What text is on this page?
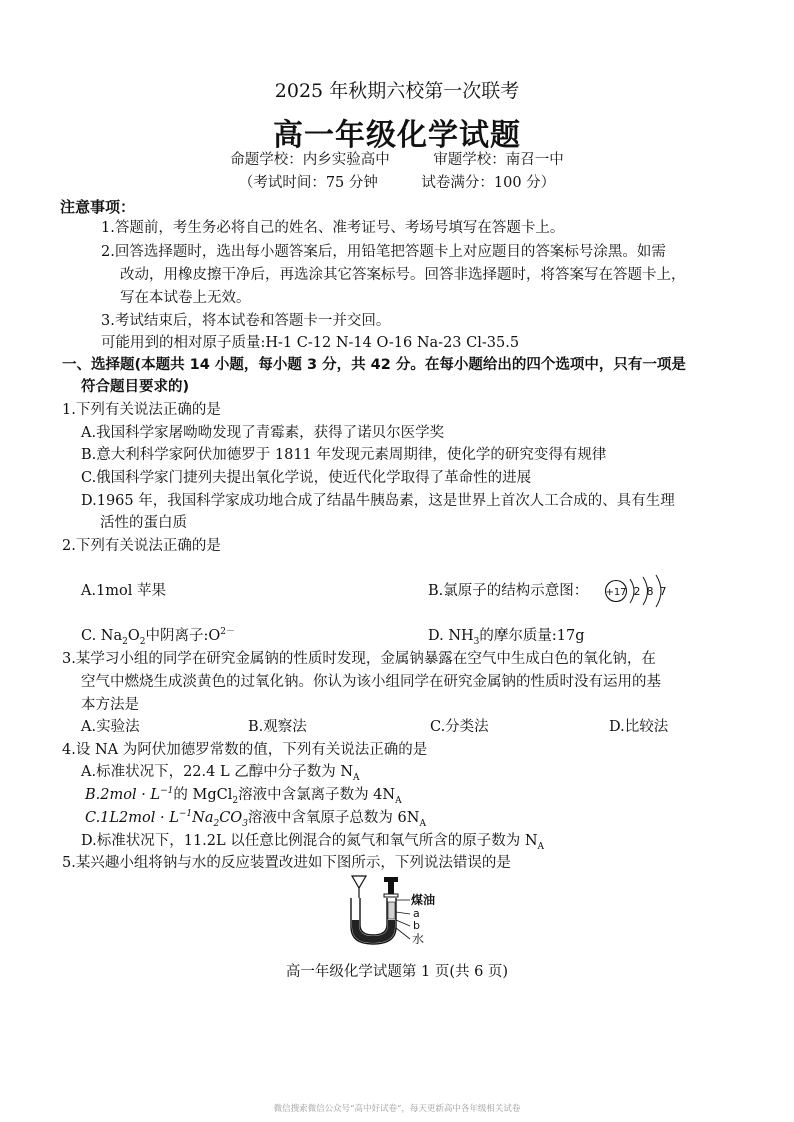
2025 年秋期六校第一次联考
高一年级化学试题
命题学校：内乡实验高中　　　审题学校：南召一中
（考试时间：75 分钟　　　试卷满分：100 分）
注意事项：
1.答题前，考生务必将自己的姓名、准考证号、考场号填写在答题卡上。
2.回答选择题时，选出每小题答案后，用铅笔把答题卡上对应题目的答案标号涂黑。如需
改动，用橡皮擦干净后，再选涂其它答案标号。回答非选择题时，将答案写在答题卡上，
写在本试卷上无效。
3.考试结束后，将本试卷和答题卡一并交回。
可能用到的相对原子质量:H-1 C-12 N-14 O-16 Na-23 Cl-35.5
一、选择题(本题共 14 小题，每小题 3 分，共 42 分。在每小题给出的四个选项中，只有一项是
符合题目要求的)
1.下列有关说法正确的是
A.我国科学家屠呦呦发现了青霉素，获得了诺贝尔医学奖
B.意大利科学家阿伏加德罗于 1811 年发现元素周期律，使化学的研究变得有规律
C.俄国科学家门捷列夫提出氧化学说，使近代化学取得了革命性的进展
D.1965 年，我国科学家成功地合成了结晶牛胰岛素，这是世界上首次人工合成的、具有生理
活性的蛋白质
2.下列有关说法正确的是
A.1mol 苹果	B.氯原子的结构示意图： +17 2 8 7
C. $Na_2O_2$中阴离子$:O^{2-}$	D. $NH_3$的摩尔质量:17g
3.某学习小组的同学在研究金属钠的性质时发现，金属钠暴露在空气中生成白色的氧化钠，在
空气中燃烧生成淡黄色的过氧化钠。你认为该小组同学在研究金属钠的性质时没有运用的基
本方法是
A.实验法	B.观察法	C.分类法	D.比较法
4.设 NA 为阿伏加德罗常数的值，下列有关说法正确的是
A.标准状况下，22.4 L 乙醇中分子数为 $N_A$
$B.2mol \cdot L^{-1}$的 MgCl$_2$溶液中含氯离子数为 $4N_A$
$C.1L2mol \cdot L^{-1}Na_2CO_3$溶液中含氧原子总数为 $6N_A$
D.标准状况下，11.2L 以任意比例混合的氮气和氧气所含的原子数为 $N_A$
5.某兴趣小组将钠与水的反应装置改进如下图所示，下列说法错误的是
煤油
a
b
水
高一年级化学试题第 1 页(共 6 页)
微信搜索微信公众号“高中好试卷”，每天更新高中各年级相关试卷
